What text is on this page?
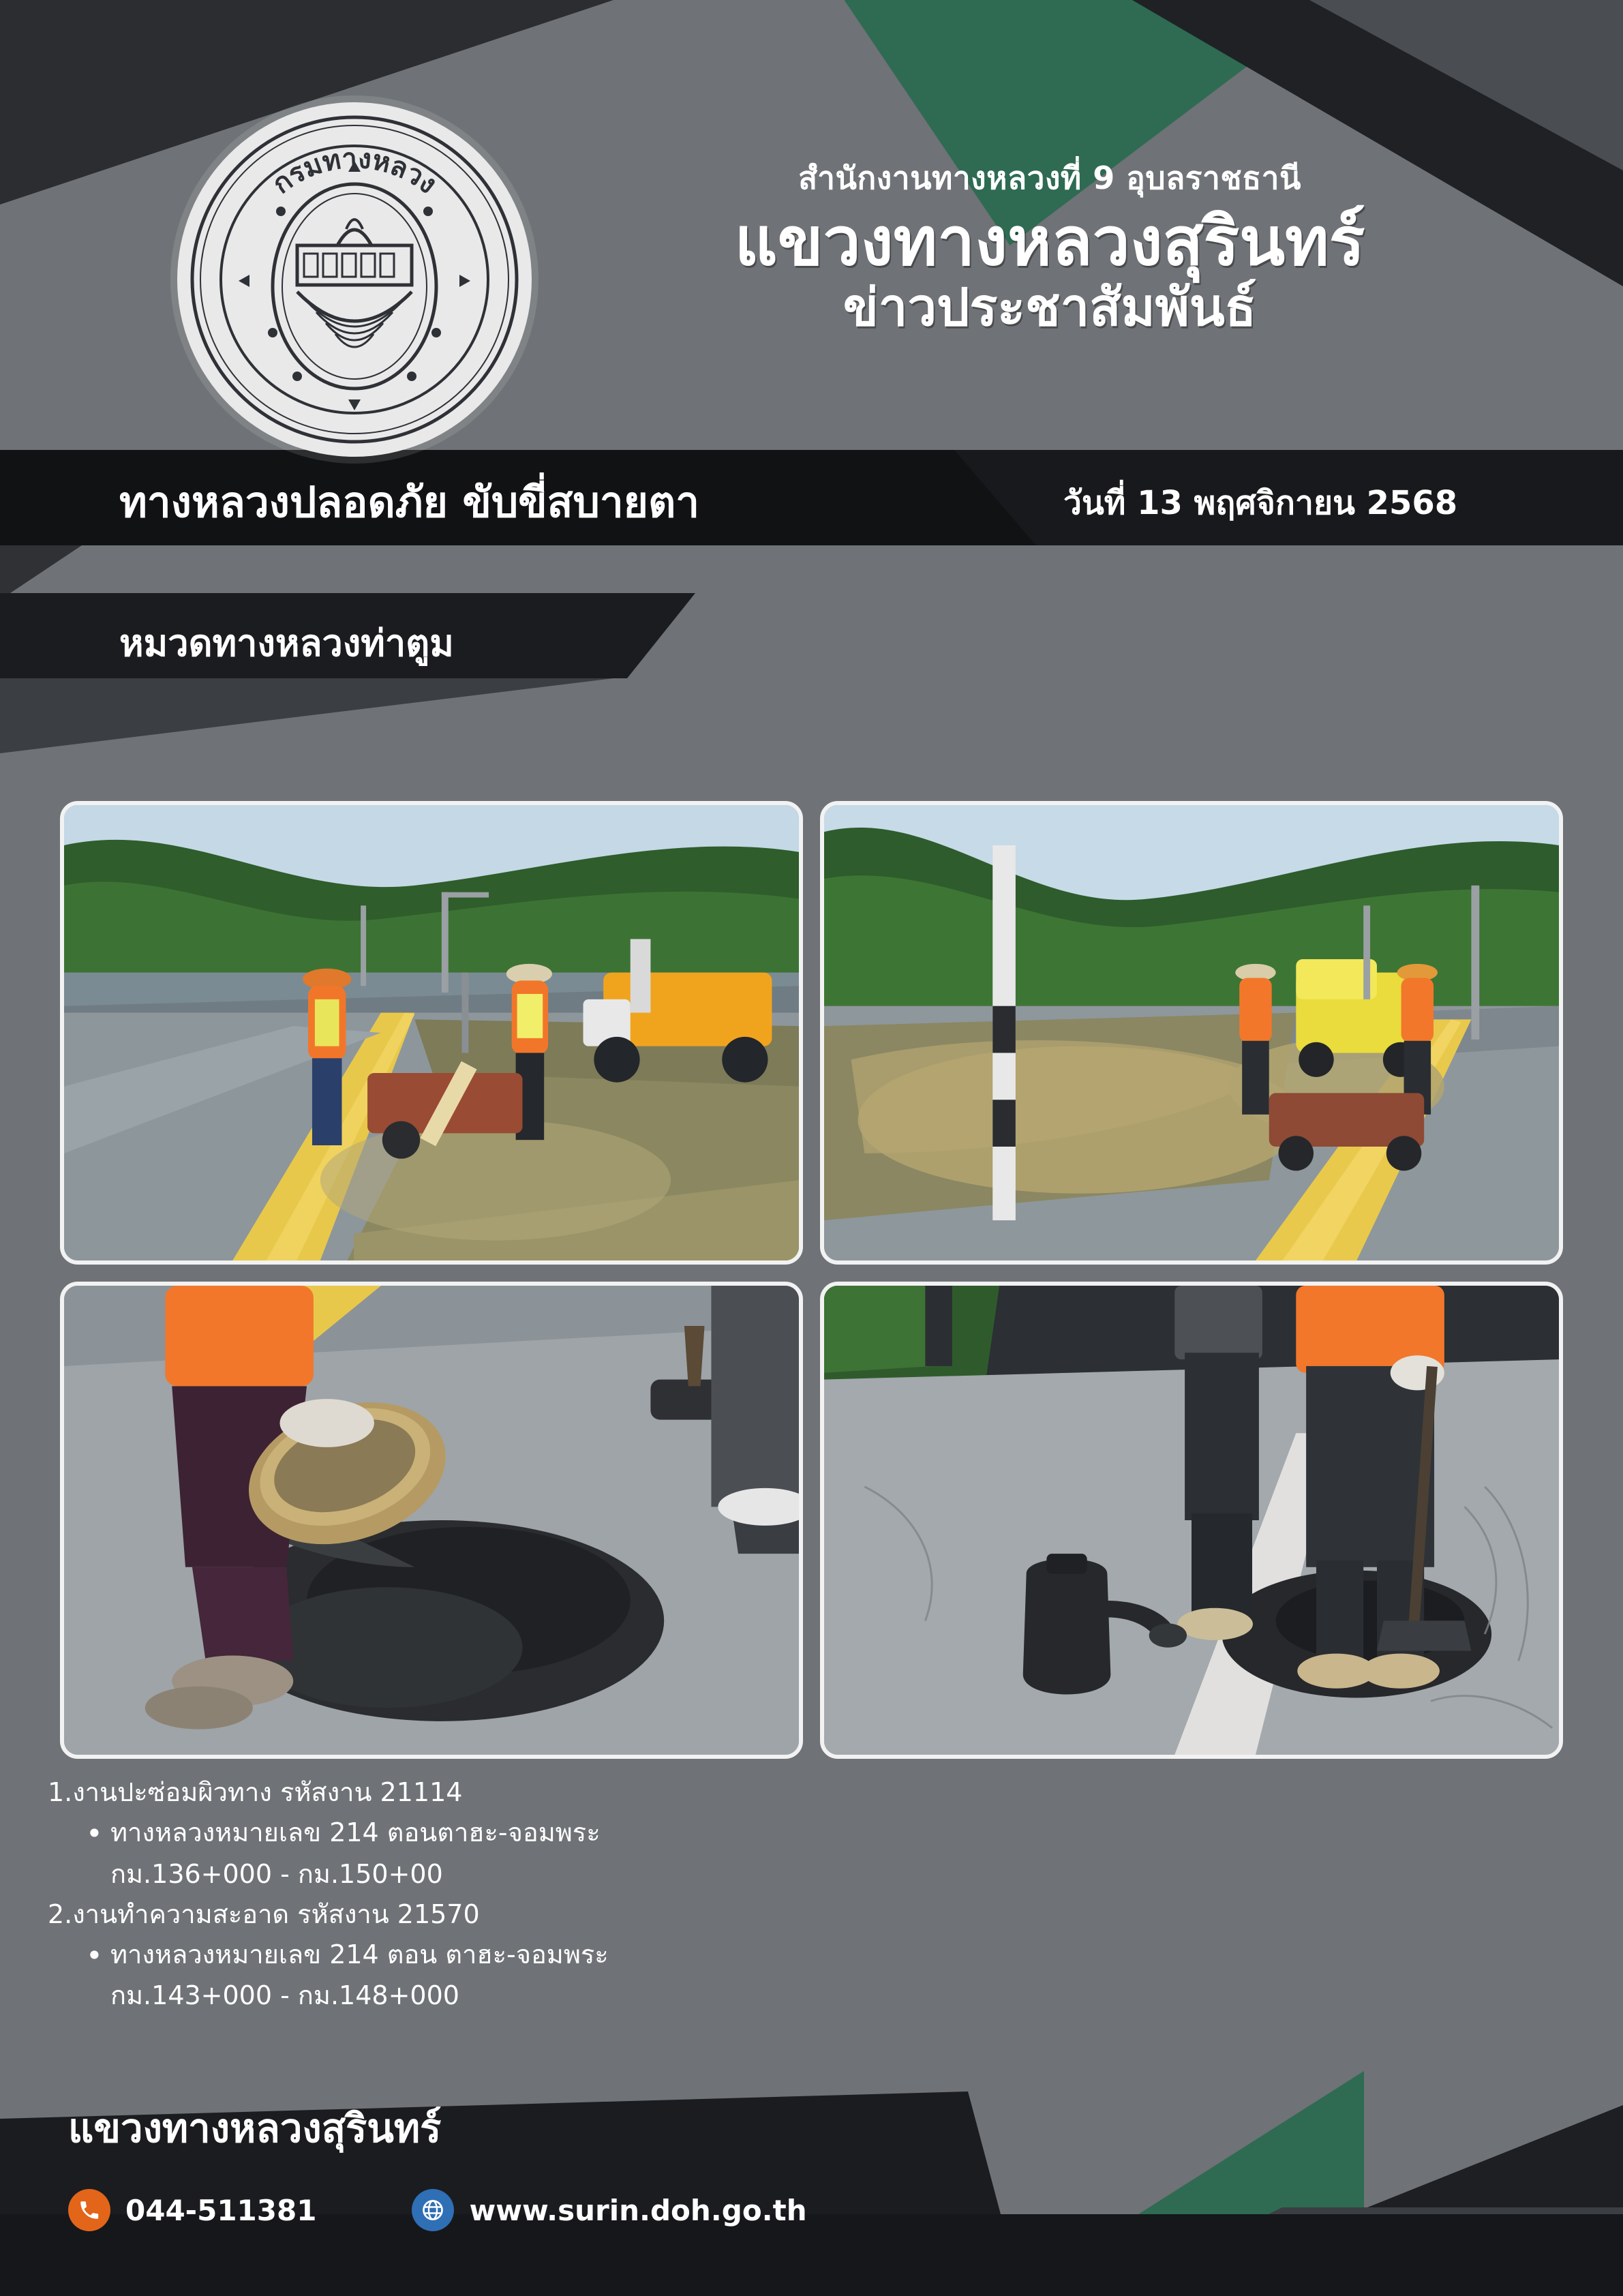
กรมทางหลวง	สำนักงานทางหลวงที่ 9 อุบลราชธานี
แขวงทางหลวงสุรินทร์
ข่าวประชาสัมพันธ์
ทางหลวงปลอดภัย ขับขี่สบายตา	วันที่ 13 พฤศจิกายน 2568
หมวดทางหลวงท่าตูม
1.งานปะซ่อมผิวทาง รหัสงาน 21114
• ทางหลวงหมายเลข 214 ตอนตาฮะ-จอมพระ
กม.136+000 - กม.150+00
2.งานทำความสะอาด รหัสงาน 21570
• ทางหลวงหมายเลข 214 ตอน ตาฮะ-จอมพระ
กม.143+000 - กม.148+000
แขวงทางหลวงสุรินทร์
044-511381	www.surin.doh.go.th
